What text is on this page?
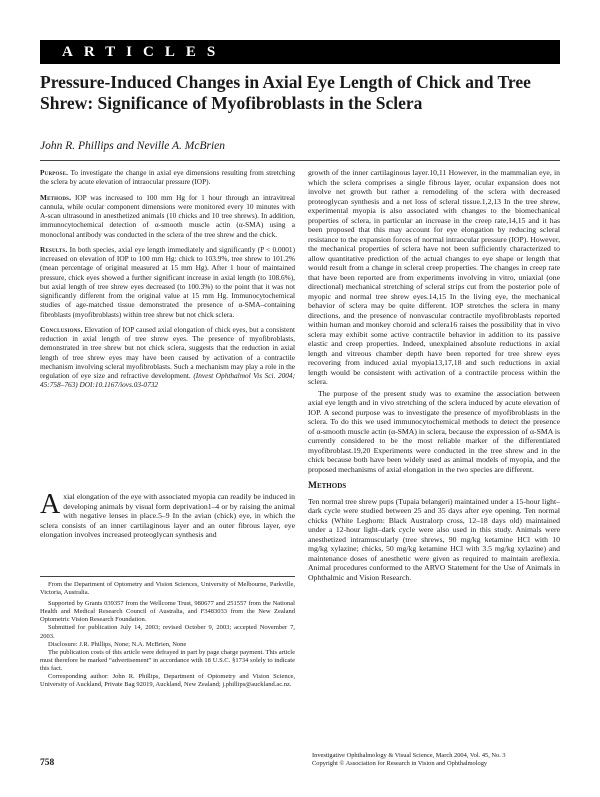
ARTICLES
Pressure-Induced Changes in Axial Eye Length of Chick and Tree Shrew: Significance of Myofibroblasts in the Sclera
John R. Phillips and Neville A. McBrien

Purpose. To investigate the change in axial eye dimensions resulting from stretching the sclera by acute elevation of intraocular pressure (IOP).

Methods. IOP was increased to 100 mm Hg for 1 hour through an intravitreal cannula, while ocular component dimensions were monitored every 10 minutes with A-scan ultrasound in anesthetized animals (10 chicks and 10 tree shrews). In addition, immunocytochemical detection of α-smooth muscle actin (α-SMA) using a monoclonal antibody was conducted in the sclera of the tree shrew and the chick.

Results. In both species, axial eye length immediately and significantly (P < 0.0001) increased on elevation of IOP to 100 mm Hg: chick to 103.9%, tree shrew to 101.2% (mean percentage of original measured at 15 mm Hg). After 1 hour of maintained pressure, chick eyes showed a further significant increase in axial length (to 108.6%), but axial length of tree shrew eyes decreased (to 100.3%) to the point that it was not significantly different from the original value at 15 mm Hg. Immunocytochemical studies of age-matched tissue demonstrated the presence of α-SMA–containing fibroblasts (myofibroblasts) within tree shrew but not chick sclera.

Conclusions. Elevation of IOP caused axial elongation of chick eyes, but a consistent reduction in axial length of tree shrew eyes. The presence of myofibroblasts, demonstrated in tree shrew but not chick sclera, suggests that the reduction in axial length of tree shrew eyes may have been caused by activation of a contractile mechanism involving scleral myofibroblasts. Such a mechanism may play a role in the regulation of eye size and refractive development. (Invest Ophthalmol Vis Sci. 2004; 45:758–763) DOI:10.1167/iovs.03-0732

Axial elongation of the eye with associated myopia can readily be induced in developing animals by visual form deprivation1–4 or by raising the animal with negative lenses in place.5–9 In the avian (chick) eye, in which the sclera consists of an inner cartilaginous layer and an outer fibrous layer, eye elongation involves increased proteoglycan synthesis and

From the Department of Optometry and Vision Sciences, University of Melbourne, Parkville, Victoria, Australia.

Supported by Grants 039357 from the Wellcome Trust, 980677 and 251557 from the National Health and Medical Research Council of Australia, and F3483033 from the New Zealand Optometric Vision Research Foundation.

Submitted for publication July 14, 2003; revised October 9, 2003; accepted November 7, 2003.

Disclosure: J.R. Phillips, None; N.A. McBrien, None

The publication costs of this article were defrayed in part by page charge payment. This article must therefore be marked “advertisement” in accordance with 18 U.S.C. §1734 solely to indicate this fact.

Corresponding author: John R. Phillips, Department of Optometry and Vision Science, University of Auckland, Private Bag 92019, Auckland, New Zealand; j.phillips@auckland.ac.nz.

growth of the inner cartilaginous layer.10,11 However, in the mammalian eye, in which the sclera comprises a single fibrous layer, ocular expansion does not involve net growth but rather a remodeling of the sclera with decreased proteoglycan synthesis and a net loss of scleral tissue.1,2,13 In the tree shrew, experimental myopia is also associated with changes to the biomechanical properties of sclera, in particular an increase in the creep rate,14,15 and it has been proposed that this may account for eye elongation by reducing scleral resistance to the expansion forces of normal intraocular pressure (IOP). However, the mechanical properties of sclera have not been sufficiently characterized to allow quantitative prediction of the actual changes to eye shape or length that would result from a change in scleral creep properties. The changes in creep rate that have been reported are from experiments involving in vitro, uniaxial (one directional) mechanical stretching of scleral strips cut from the posterior pole of myopic and normal tree shrew eyes.14,15 In the living eye, the mechanical behavior of sclera may be quite different. IOP stretches the sclera in many directions, and the presence of nonvascular contractile myofibroblasts reported within human and monkey choroid and sclera16 raises the possibility that in vivo sclera may exhibit some active contractile behavior in addition to its passive elastic and creep properties. Indeed, unexplained absolute reductions in axial length and vitreous chamber depth have been reported for tree shrew eyes recovering from induced axial myopia13,17,18 and such reductions in axial length would be consistent with activation of a contractile process within the sclera.

The purpose of the present study was to examine the association between axial eye length and in vivo stretching of the sclera induced by acute elevation of IOP. A second purpose was to investigate the presence of myofibroblasts in the sclera. To do this we used immunocytochemical methods to detect the presence of α-smooth muscle actin (α-SMA) in sclera, because the expression of α-SMA is currently considered to be the most reliable marker of the differentiated myofibroblast.19,20 Experiments were conducted in the tree shrew and in the chick because both have been widely used as animal models of myopia, and the proposed mechanisms of axial elongation in the two species are different.

Methods

Ten normal tree shrew pups (Tupaia belangeri) maintained under a 15-hour light–dark cycle were studied between 25 and 35 days after eye opening. Ten normal chicks (White Leghorn: Black Australorp cross, 12–18 days old) maintained under a 12-hour light–dark cycle were also used in this study. Animals were anesthetized intramuscularly (tree shrews, 90 mg/kg ketamine HCl with 10 mg/kg xylazine; chicks, 50 mg/kg ketamine HCl with 3.5 mg/kg xylazine) and maintenance doses of anesthetic were given as required to maintain areflexia. Animal procedures conformed to the ARVO Statement for the Use of Animals in Ophthalmic and Vision Research.

758
Investigative Ophthalmology & Visual Science, March 2004, Vol. 45, No. 3
Copyright © Association for Research in Vision and Ophthalmology
